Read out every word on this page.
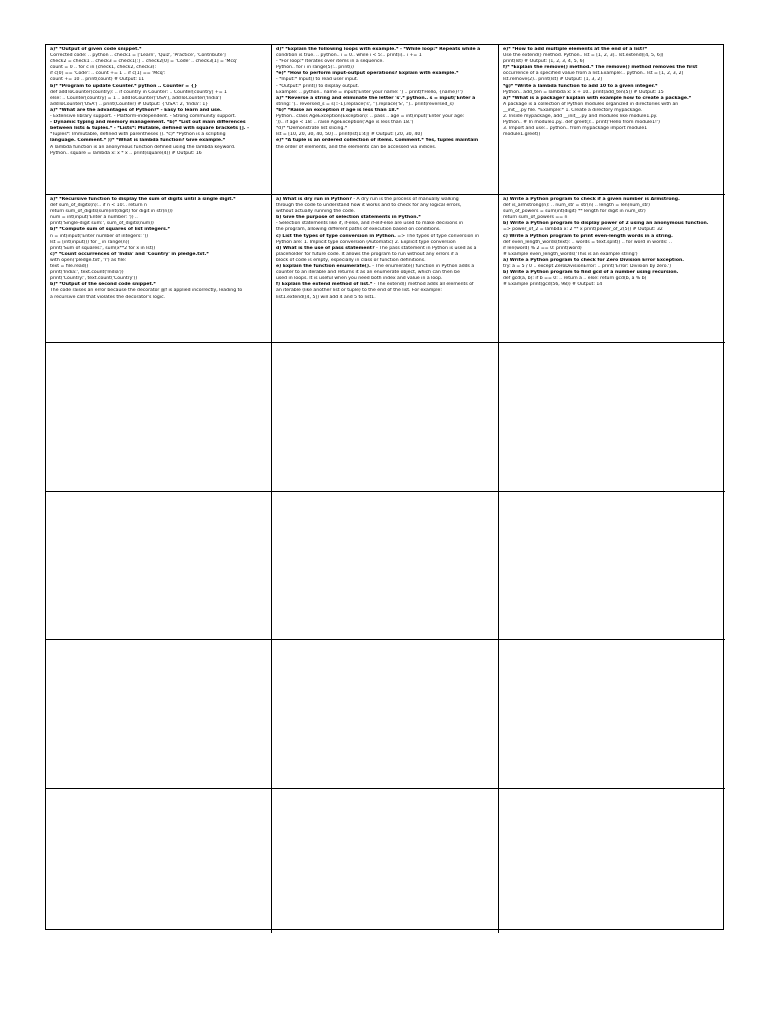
a)* *Output of given code snippet.*
Corrected code: .. python .. check1 = ['Learn', 'Quiz', 'Practice', 'Contribute']
check2 = check1 .. check3 = check1[:] .. check2[0] = 'Code' .. check3[1] = 'Mcq'
count = 0 .. for c in (check1, check2, check3):
if c[0] == 'Code': .. count += 1 .. if c[1] == 'Mcq':
count += 10 .. print(count) # Output: 11
b)* *Program to update Counter.* python .. Counter = {}
def addToCounter(country): .. if country in Counter: .. Counter[country] += 1
else: .. Counter[country] = 1 .. addToCounter('USA'), addToCounter('India')
addToCounter('USA') .. print(Counter) # Output: {'USA': 2, 'India': 1}
a)* *What are the advantages of Python?* - Easy to learn and use.
- Extensive library support. - Platform-independent. - Strong community support.
- Dynamic typing and memory management. *b)* *List out main differences
between lists & tuples.* - *Lists*: Mutable, defined with square brackets []. -
*Tuples*: Immutable, defined with parentheses (). *c)* *Python is a scripting
language. Comment.* ))* *What is lambda function? Give example.*
A lambda function is an anonymous function defined using the lambda keyword.
Python.. square = lambda x: x * x .. print(square(4)) # Output: 16
d)* *Explain the following loops with example.* - *While loop:* Repeats while a
condition is true. .. python.. i = 0.. while i < 5:.. print(i).. i += 1
- *For loop:* Iterates over items in a sequence.
Python.. for i in range(5):.. print(i)
*e)* *How to perform input-output operations? Explain with example.*
- *Input:* Input() to read user input.
- *Output:* print() to display output.
Example: .. python.. name = input('Enter your name: ') .. print(f'Hello, {name}!')
a)* *Reverse a string and eliminate the letter 's'.* python.. s = input('Enter a
string: ').. reversed_s = s[::-1].replace('s', '').replace('S', '').. print(reversed_s)
*b)* *Raise an exception if age is less than 18.*
Python.. class AgeException(Exception): .. pass .. age = int(input('Enter your age:
')).. if age < 18: .. raise AgeException('Age is less than 18.')
*d)* *Demonstrate list slicing.*
lst = [10, 20, 30, 40, 50] .. print(lst[1:4]) # Output: [20, 30, 40]
e)* *A tuple is an ordered collection of items. Comment.* Yes, tuples maintain
the order of elements, and the elements can be accessed via indices.
e)* *How to add multiple elements at the end of a list?*
Use the extend() method. Python.. lst = [1, 2, 3].. lst.extend([4, 5, 6])
print(lst) # Output: [1, 2, 3, 4, 5, 6]
f)* *Explain the remove() method.* The remove() method removes the first
occurrence of a specified value from a list.Example:.. python.. lst = [1, 2, 3, 2]
lst.remove(2).. print(lst) # Output: [1, 3, 2]
*g)* *Write a lambda function to add 10 to a given integer.*
Python.. add_ten = lambda x: x + 10.. print(add_ten(5)) # Output: 15
a)* *What is a package? Explain with example how to create a package.*
A package is a collection of Python modules organized in directories with an
__init__.py file. *Example:* 1. Create a directory mypackage.
2. Inside mypackage, add __init__.py and modules like module1.py.
Python.. # In module1.py.. def greet():.. print('Hello from module1!')
3. Import and use:.. python.. from mypackage import module1
module1.greet()
a)* *Recursive function to display the sum of digits until a single digit.*
def sum_of_digits(n):.. if n < 10:.. return n
return sum_of_digits(sum(int(digit) for digit in str(n)))
num = int(input('Enter a number: ')) ..
print('Single-digit sum:', sum_of_digits(num))
b)* *Compute sum of squares of list integers.*
n = int(input('Enter number of integers: '))
lst = [int(input()) for _ in range(n)]
print('Sum of squares:', sum(x**2 for x in lst))
c)* *Count occurrences of 'India' and 'Country' in pledge.txt.*
with open('pledge.txt', 'r') as file:
text = file.read()
print('India:', text.count('India'))
print('Country:', text.count('Country'))
b)* *Output of the second code snippet.*
The code raises an error because the decorator @f is applied incorrectly, leading to
a recursive call that violates the decorator's logic.
a) What is dry run in Python? - A dry run is the process of manually walking
through the code to understand how it works and to check for any logical errors,
without actually running the code.
b) Give the purpose of selection statements in Python.*
- Selection statements like if, if-else, and if-elif-else are used to make decisions in
the program, allowing different paths of execution based on conditions.
c) List the types of type conversion in Python. => The types of type conversion in
Python are: 1. Implicit type conversion (Automatic) 2. Explicit type conversion
d) What is the use of pass statement? - The pass statement in Python is used as a
placeholder for future code. It allows the program to run without any errors if a
block of code is empty, especially in class or function definitions.
e) Explain the function enumerate(). - The enumerate() function in Python adds a
counter to an iterable and returns it as an enumerate object, which can then be
used in loops. It is useful when you need both index and value in a loop.
f) Explain the extend method of list.* - The extend() method adds all elements of
an iterable (like another list or tuple) to the end of the list. For example:
list1.extend([4, 5]) will add 4 and 5 to list1.
a) Write a Python program to check if a given number is Armstrong.
def is_armstrong(n): .. num_str = str(n) .. length = len(num_str)
sum_of_powers = sum(int(digit) ** length for digit in num_str)
return sum_of_powers == n
b) Write a Python program to display power of 2 using an anonymous function.
=> power_of_2 = lambda x: 2 ** x print(power_of_2(5)) # Output: 32
c) Write a Python program to print even-length words in a string.
def even_length_words(text): .. words = text.split() .. for word in words: ..
if len(word) % 2 == 0: print(word)
# Example even_length_words('This is an example string')
a) Write a Python program to check for Zero Division Error Exception.
try: a = 5 / 0 .. except ZeroDivisionError: .. print('Error: Division by zero.')
b) Write a Python program to find gcd of a number using recursion.
def gcd(a, b): if b == 0: .. return a .. else: return gcd(b, a % b)
# Example print(gcd(56, 98)) # Output: 14
